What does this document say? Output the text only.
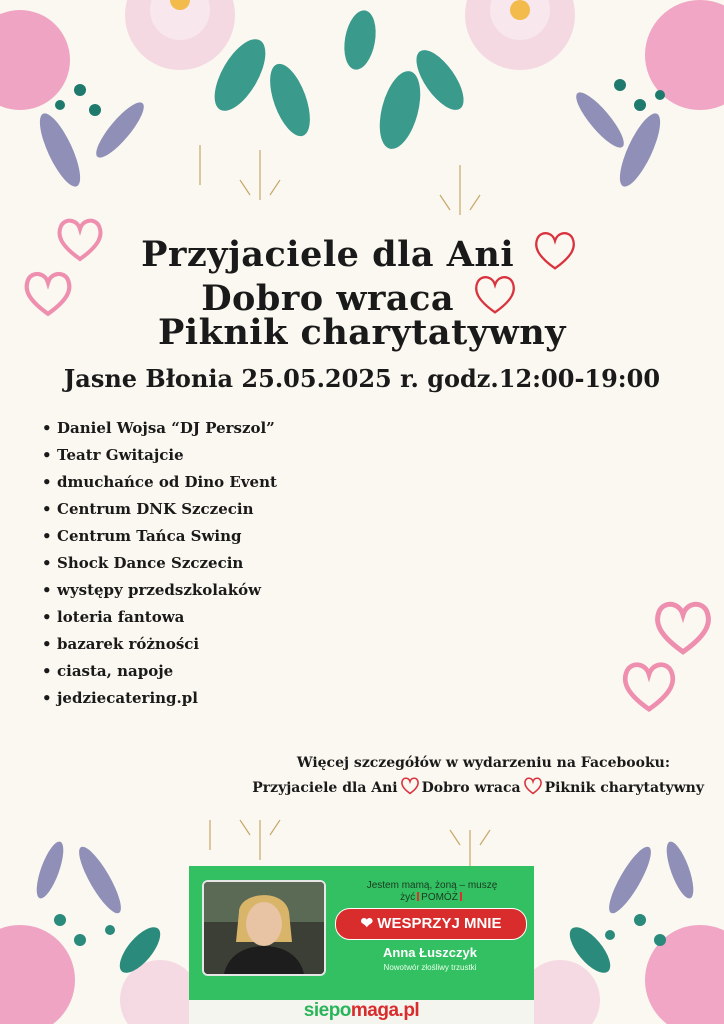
Przyjaciele dla Ani
Dobro wraca
Piknik charytatywny
Jasne Błonia 25.05.2025 r. godz.12:00-19:00
• Daniel Wojsa “DJ Perszol”
• Teatr Gwitajcie
• dmuchańce od Dino Event
• Centrum DNK Szczecin
• Centrum Tańca Swing
• Shock Dance Szczecin
• występy przedszkolaków
• loteria fantowa
• bazarek różności
• ciasta, napoje
• jedziecatering.pl
Więcej szczegółów w wydarzeniu na Facebooku:
Przyjaciele dla Ani Dobro wraca Piknik charytatywny
Jestem mamą, żoną – muszę
żyć POMÓŻ
❤ WESPRZYJ MNIE
Anna Łuszczyk
Nowotwór złośliwy trzustki
siepomaga.pl
